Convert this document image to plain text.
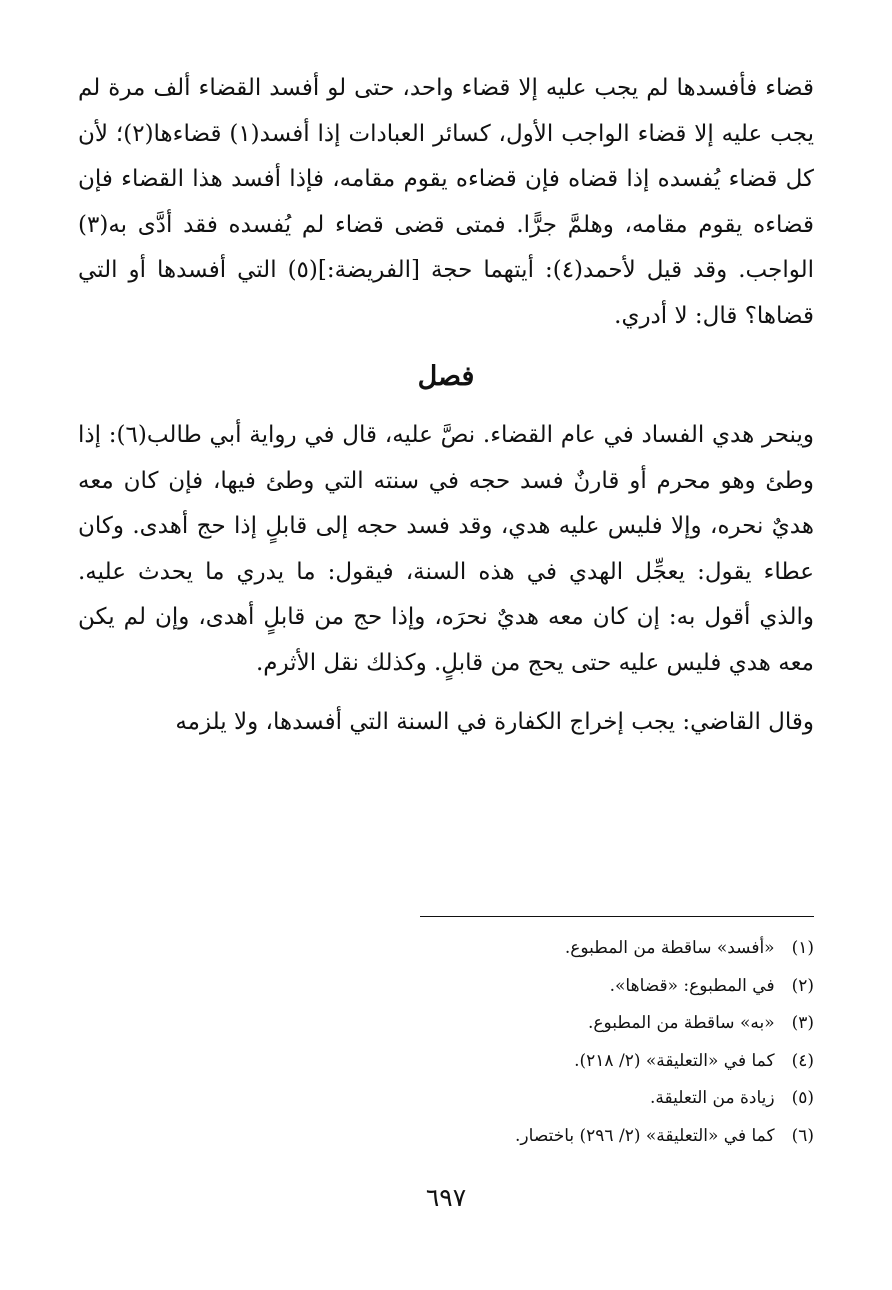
قضاء فأفسدها لم يجب عليه إلا قضاء واحد، حتى لو أفسد القضاء ألف مرة لم يجب عليه إلا قضاء الواجب الأول، كسائر العبادات إذا أفسد(١) قضاءها(٢)؛ لأن كل قضاء يُفسده إذا قضاه فإن قضاءه يقوم مقامه، فإذا أفسد هذا القضاء فإن قضاءه يقوم مقامه، وهلمَّ جرًّا. فمتى قضى قضاء لم يُفسده فقد أدَّى به(٣) الواجب. وقد قيل لأحمد(٤): أيتهما حجة [الفريضة:](٥) التي أفسدها أو التي قضاها؟ قال: لا أدري.

فصل

وينحر هدي الفساد في عام القضاء. نصَّ عليه، قال في رواية أبي طالب(٦): إذا وطئ وهو محرم أو قارنٌ فسد حجه في سنته التي وطئ فيها، فإن كان معه هديٌ نحره، وإلا فليس عليه هدي، وقد فسد حجه إلى قابلٍ إذا حج أهدى. وكان عطاء يقول: يعجِّل الهدي في هذه السنة، فيقول: ما يدري ما يحدث عليه. والذي أقول به: إن كان معه هديٌ نحرَه، وإذا حج من قابلٍ أهدى، وإن لم يكن معه هدي فليس عليه حتى يحج من قابلٍ. وكذلك نقل الأثرم.

وقال القاضي: يجب إخراج الكفارة في السنة التي أفسدها، ولا يلزمه

(١) «أفسد» ساقطة من المطبوع.

(٢) في المطبوع: «قضاها».

(٣) «به» ساقطة من المطبوع.

(٤) كما في «التعليقة» (٢/ ٢١٨).

(٥) زيادة من التعليقة.

(٦) كما في «التعليقة» (٢/ ٢٩٦) باختصار.

٦٩٧
